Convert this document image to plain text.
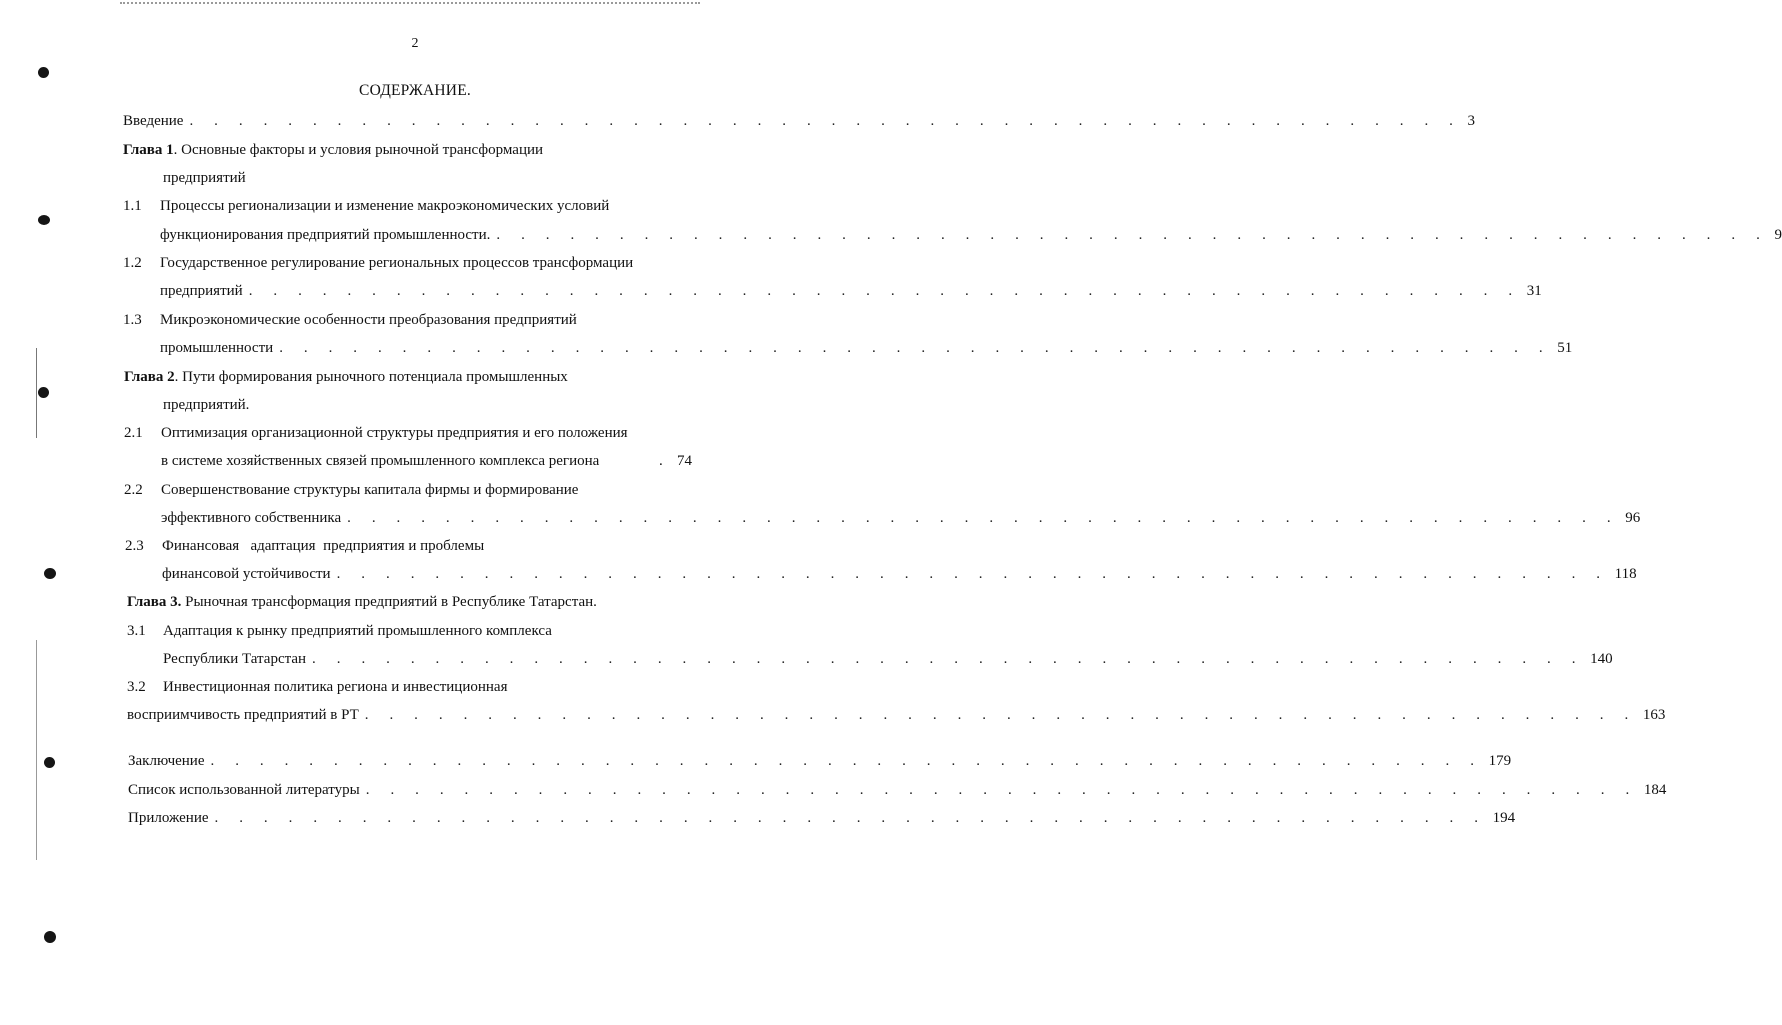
2
СОДЕРЖАНИЕ.
Введение . . . . . . . . . . . . . . . . . . . . . . . . . . . . . . . . . . . . . . . . . . . . . . . . . . . . 3
Глава 1. Основные факторы и условия рыночной трансформации
предприятий
1.1 Процессы регионализации и изменение макроэкономических условий
функционирования предприятий промышленности. . . . . . . . . . . . . . . . . . . . . . . . . . . . . . . . . . . . . . . . . . . . . . . . . . . . . 9
1.2 Государственное регулирование региональных процессов трансформации
предприятий . . . . . . . . . . . . . . . . . . . . . . . . . . . . . . . . . . . . . . . . . . . . . . . . . . . . 31
1.3 Микроэкономические особенности преобразования предприятий
промышленности . . . . . . . . . . . . . . . . . . . . . . . . . . . . . . . . . . . . . . . . . . . . . . . . . . . . 51
Глава 2. Пути формирования рыночного потенциала промышленных
предприятий.
2.1 Оптимизация организационной структуры предприятия и его положения
в системе хозяйственных связей промышленного комплекса региона	. 74
2.2 Совершенствование структуры капитала фирмы и формирование
эффективного собственника . . . . . . . . . . . . . . . . . . . . . . . . . . . . . . . . . . . . . . . . . . . . . . . . . . . . 96
2.3 Финансовая   адаптация  предприятия и проблемы
финансовой устойчивости . . . . . . . . . . . . . . . . . . . . . . . . . . . . . . . . . . . . . . . . . . . . . . . . . . . . 118
Глава 3. Рыночная трансформация предприятий в Республике Татарстан.
3.1 Адаптация к рынку предприятий промышленного комплекса
Республики Татарстан . . . . . . . . . . . . . . . . . . . . . . . . . . . . . . . . . . . . . . . . . . . . . . . . . . . . 140
3.2 Инвестиционная политика региона и инвестиционная
восприимчивость предприятий в РТ . . . . . . . . . . . . . . . . . . . . . . . . . . . . . . . . . . . . . . . . . . . . . . . . . . . . 163
Заключение . . . . . . . . . . . . . . . . . . . . . . . . . . . . . . . . . . . . . . . . . . . . . . . . . . . . 179
Список использованной литературы . . . . . . . . . . . . . . . . . . . . . . . . . . . . . . . . . . . . . . . . . . . . . . . . . . . . 184
Приложение . . . . . . . . . . . . . . . . . . . . . . . . . . . . . . . . . . . . . . . . . . . . . . . . . . . . 194
